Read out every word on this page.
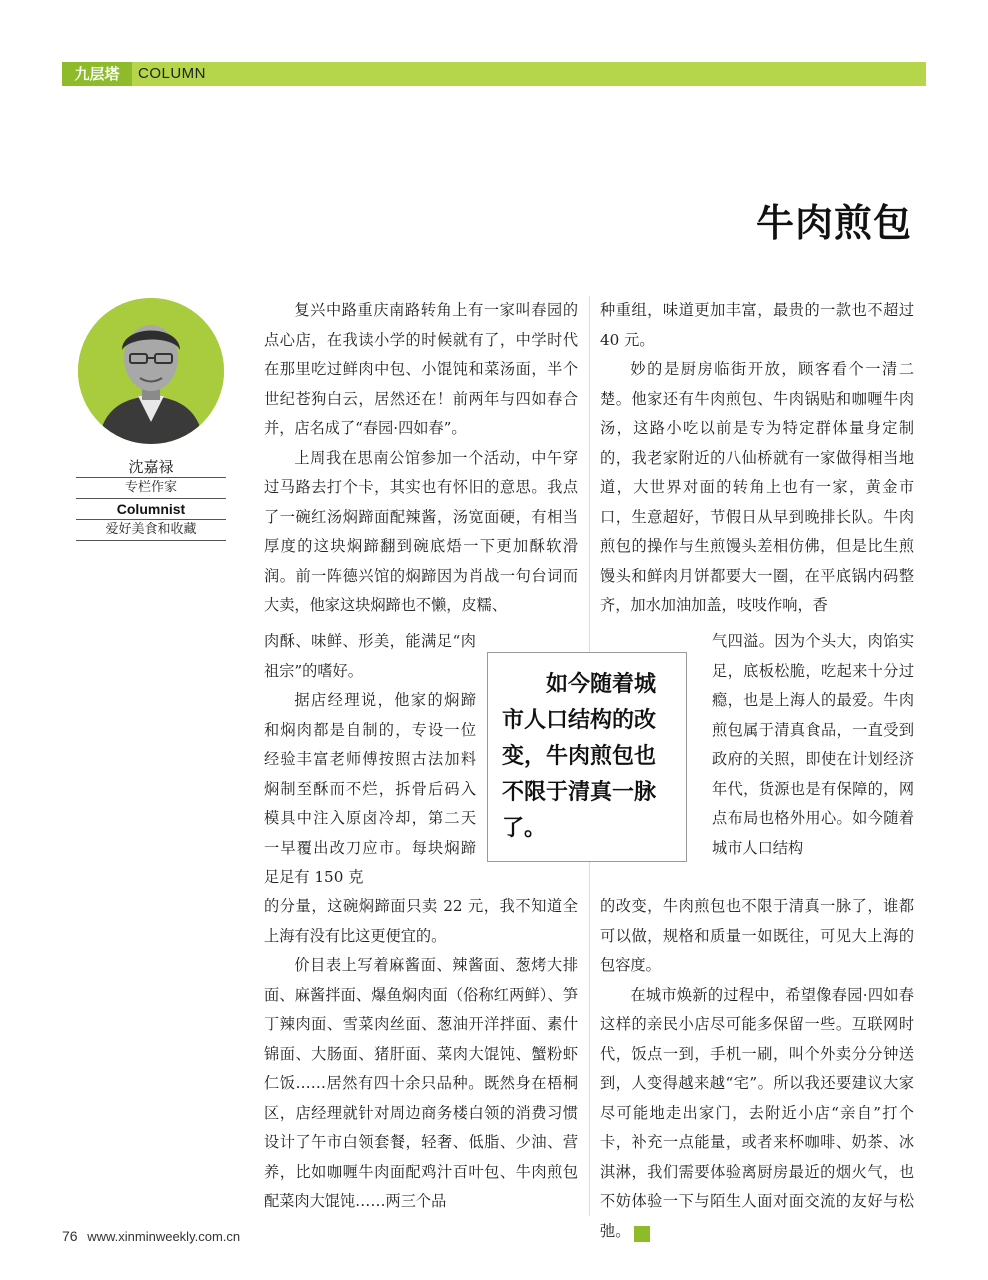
九层塔	COLUMN
牛肉煎包
沈嘉禄
专栏作家
Columnist
爱好美食和收藏

复兴中路重庆南路转角上有一家叫春园的点心店，在我读小学的时候就有了，中学时代在那里吃过鲜肉中包、小馄饨和菜汤面，半个世纪苍狗白云，居然还在！前两年与四如春合并，店名成了“春园·四如春”。

上周我在思南公馆参加一个活动，中午穿过马路去打个卡，其实也有怀旧的意思。我点了一碗红汤焖蹄面配辣酱，汤宽面硬，有相当厚度的这块焖蹄翻到碗底焐一下更加酥软滑润。前一阵德兴馆的焖蹄因为肖战一句台词而大卖，他家这块焖蹄也不懒，皮糯、

肉酥、味鲜、形美，能满足“肉祖宗”的嗜好。

据店经理说，他家的焖蹄和焖肉都是自制的，专设一位经验丰富老师傅按照古法加料焖制至酥而不烂，拆骨后码入模具中注入原卤冷却，第二天一早覆出改刀应市。每块焖蹄足足有 150 克

的分量，这碗焖蹄面只卖 22 元，我不知道全上海有没有比这更便宜的。

价目表上写着麻酱面、辣酱面、葱烤大排面、麻酱拌面、爆鱼焖肉面（俗称红两鲜）、笋丁辣肉面、雪菜肉丝面、葱油开洋拌面、素什锦面、大肠面、猪肝面、菜肉大馄饨、蟹粉虾仁饭……居然有四十余只品种。既然身在梧桐区，店经理就针对周边商务楼白领的消费习惯设计了午市白领套餐，轻奢、低脂、少油、营养，比如咖喱牛肉面配鸡汁百叶包、牛肉煎包配菜肉大馄饨……两三个品

种重组，味道更加丰富，最贵的一款也不超过 40 元。

妙的是厨房临街开放，顾客看个一清二楚。他家还有牛肉煎包、牛肉锅贴和咖喱牛肉汤，这路小吃以前是专为特定群体量身定制的，我老家附近的八仙桥就有一家做得相当地道，大世界对面的转角上也有一家，黄金市口，生意超好，节假日从早到晚排长队。牛肉煎包的操作与生煎馒头差相仿佛，但是比生煎馒头和鲜肉月饼都要大一圈，在平底锅内码整齐，加水加油加盖，吱吱作响，香

气四溢。因为个头大，肉馅实足，底板松脆，吃起来十分过瘾，也是上海人的最爱。牛肉煎包属于清真食品，一直受到政府的关照，即使在计划经济年代，货源也是有保障的，网点布局也格外用心。如今随着城市人口结构

的改变，牛肉煎包也不限于清真一脉了，谁都可以做，规格和质量一如既往，可见大上海的包容度。

在城市焕新的过程中，希望像春园·四如春这样的亲民小店尽可能多保留一些。互联网时代，饭点一到，手机一刷，叫个外卖分分钟送到，人变得越来越“宅”。所以我还要建议大家尽可能地走出家门，去附近小店“亲自”打个卡，补充一点能量，或者来杯咖啡、奶茶、冰淇淋，我们需要体验离厨房最近的烟火气，也不妨体验一下与陌生人面对面交流的友好与松弛。	民

如今随着城市人口结构的改变，牛肉煎包也不限于清真一脉了。
76 www.xinminweekly.com.cn
